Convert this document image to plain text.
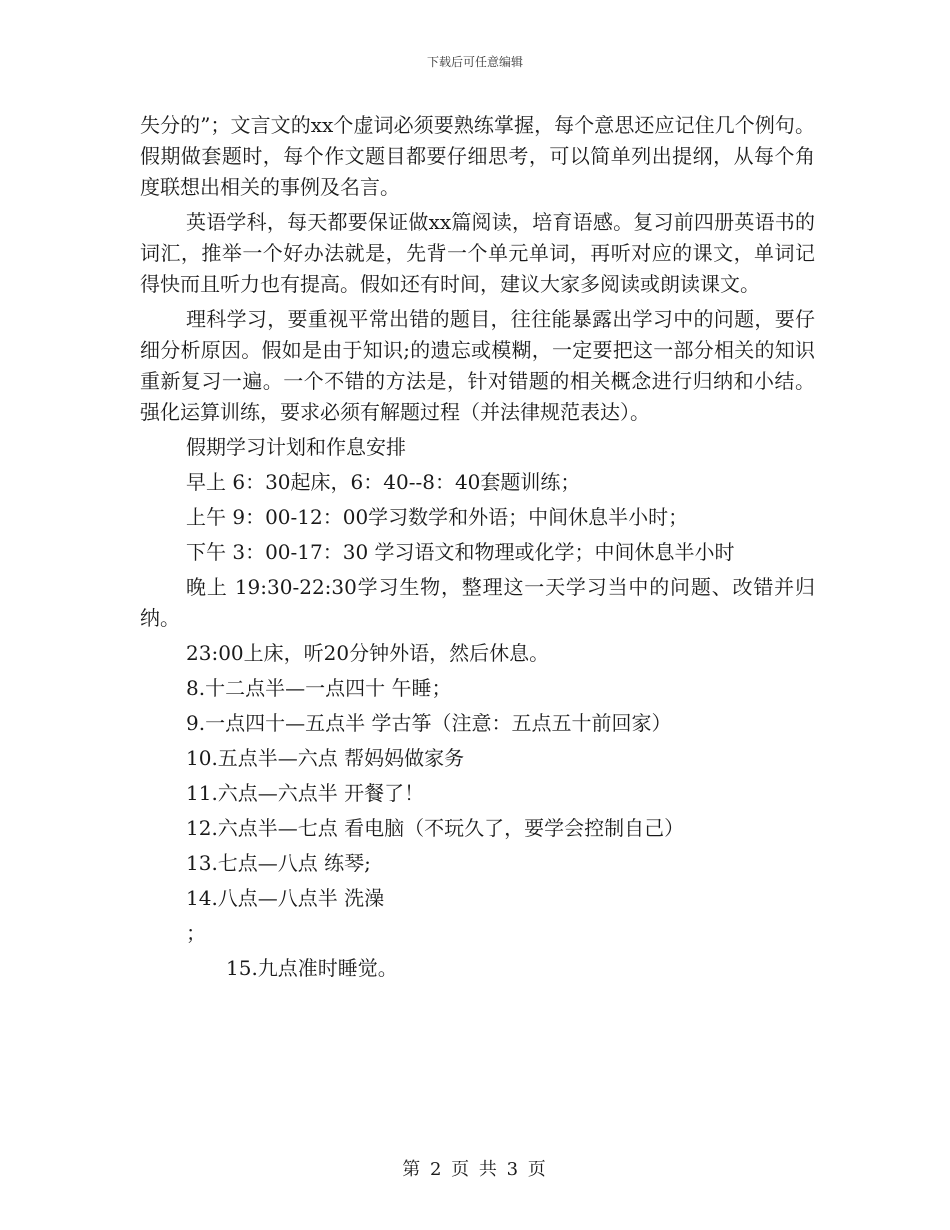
下载后可任意编辑

失分的”；文言文的xx个虚词必须要熟练掌握，每个意思还应记住几个例句。假期做套题时，每个作文题目都要仔细思考，可以简单列出提纲，从每个角度联想出相关的事例及名言。

英语学科，每天都要保证做xx篇阅读，培育语感。复习前四册英语书的词汇，推举一个好办法就是，先背一个单元单词，再听对应的课文，单词记得快而且听力也有提高。假如还有时间，建议大家多阅读或朗读课文。

理科学习，要重视平常出错的题目，往往能暴露出学习中的问题，要仔细分析原因。假如是由于知识;的遗忘或模糊，一定要把这一部分相关的知识重新复习一遍。一个不错的方法是，针对错题的相关概念进行归纳和小结。强化运算训练，要求必须有解题过程（并法律规范表达）。

假期学习计划和作息安排

早上 6：30起床，6：40--8：40套题训练；

上午 9：00-12：00学习数学和外语；中间休息半小时；

下午 3：00-17：30 学习语文和物理或化学；中间休息半小时

晚上 19:30-22:30学习生物，整理这一天学习当中的问题、改错并归纳。

23:00上床，听20分钟外语，然后休息。

8.十二点半—一点四十 午睡；

9.一点四十—五点半 学古筝（注意：五点五十前回家）

10.五点半—六点 帮妈妈做家务

11.六点—六点半 开餐了！

12.六点半—七点 看电脑（不玩久了，要学会控制自己）

13.七点—八点 练琴;

14.八点—八点半 洗澡

；

15.九点准时睡觉。

第 2 页 共 3 页
